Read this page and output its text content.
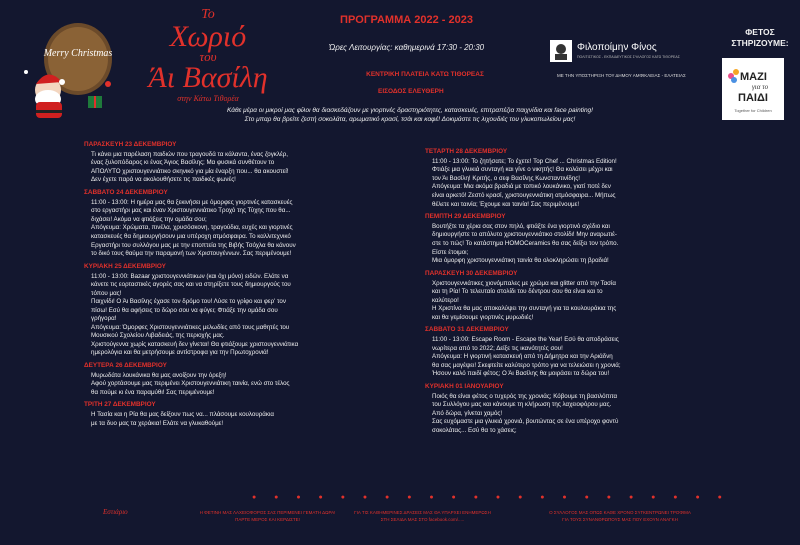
Merry Christmas
Το
Χωριό
του
Άι Βασίλη
στην Κάτω Τιθορέα
ΠΡΟΓΡΑΜΜΑ 2022 - 2023
Ώρες Λειτουργίας: καθημερινά 17:30 - 20:30
ΚΕΝΤΡΙΚΗ ΠΛΑΤΕΙΑ ΚΑΤΩ ΤΙΘΟΡΕΑΣ
ΕΙΣΟΔΟΣ ΕΛΕΥΘΕΡΗ
Φιλοποίμην Φίνος
ΠΟΛΙΤΙΣΤΙΚΟΣ - ΕΚΠΑΙΔΕΥΤΙΚΟΣ ΣΥΛΛΟΓΟΣ ΚΑΤΩ ΤΙΘΟΡΕΑΣ
ΜΕ ΤΗΝ ΥΠΟΣΤΗΡΙΞΗ ΤΟΥ ΔΗΜΟΥ ΑΜΦΙΚΛΕΙΑΣ - ΕΛΑΤΕΙΑΣ
ΦΕΤΟΣ ΣΤΗΡΙΖΟΥΜΕ:
ΜΑΖΙ
για το
ΠΑΙΔΙ
Together for Children
Κάθε μέρα οι μικροί μας φίλοι θα διασκεδάζουν με γιορτινές δραστηριότητες, κατασκευές, επιτραπέζια παιχνίδια και face painting!
Στο μπαρ θα βρείτε ζεστή σοκολάτα, αρωματικό κρασί, τσάι και καφέ! Δοκιμάστε τις λιχουδιές του γλυκοπωλείου μας!
ΠΑΡΑΣΚΕΥΗ 23 ΔΕΚΕΜΒΡΙΟΥ
Τι κάνει μια παρέλαση παιδιών που τραγουδά τα κάλαντα, ένας ζογκλέρ,
ένας ξυλοπόδαρος κι ένας Άγιος Βασίλης; Μα φυσικά συνθέτουν το
ΑΠΟΛΥΤΟ χριστουγεννιάτικο σκηνικό για μία έναρξη που... θα ακουστεί!
Δεν έχετε παρά να ακολουθήσετε τις παιδικές φωνές!
ΣΑΒΒΑΤΟ 24 ΔΕΚΕΜΒΡΙΟΥ
11:00 - 13:00: Η ημέρα μας θα ξεκινήσει με όμορφες γιορτινές κατασκευές
στο εργαστήρι μας και έναν Χριστουγεννιάτικο Τροχό της Τύχης που θα...
διχάσει! Ακόμα να φτιάξεις την ομάδα σου;
Απόγευμα: Χρώματα, πινέλα, χρυσόσκονη, τραγούδια, ευχές και γιορτινές
κατασκευές θα δημιουργήσουν μια υπέροχη ατμόσφαιρα. Το καλλιτεχνικό
Εργαστήρι του συλλόγου μας με την εποπτεία της Βιβής Τσόχλα θα κάνουν
το δικό τους θαύμα την παραμονή των Χριστουγέννων. Σας περιμένουμε!
ΚΥΡΙΑΚΗ 25 ΔΕΚΕΜΒΡΙΟΥ
11:00 - 13:00: Bazaar χριστουγεννιάτικων (και όχι μόνο) ειδών. Ελάτε να
κάνετε τις εορταστικές αγορές σας και να στηρίξετε τους δημιουργούς του
τόπου μας!
Παιχνίδι! Ο Άι Βασίλης έχασε τον δρόμο του! Λύσε το γρίφο και φερ' τον
πίσω! Εσύ θα αφήσεις το δώρο σου να φύγει; Φτιάξε την ομάδα σου
γρήγορα!
Απόγευμα: Όμορφες Χριστουγεννιάτικες μελωδίες από τους μαθητές του
Μουσικού Σχολείου Λιβαδειάς, της περιοχής μας.
Χριστούγεννα χωρίς κατασκευή δεν γίνεται! Θα φτιάξουμε χριστουγεννιάτικα
ημερολόγια και θα μετρήσουμε αντίστροφα για την Πρωτοχρονιά!
ΔΕΥΤΕΡΑ 26 ΔΕΚΕΜΒΡΙΟΥ
Μυρωδάτα λουκάνικα θα μας ανοίξουν την όρεξη!
Αφού χορτάσουμε μας περιμένει Χριστουγεννιάτικη ταινία, ενώ στο τέλος
θα πούμε κι ένα παραμύθι! Σας περιμένουμε!
ΤΡΙΤΗ 27 ΔΕΚΕΜΒΡΙΟΥ
Η Τασία και η Ρία θα μας δείξουν πως να... πλάσουμε κουλουράκια
με τα δυο μας τα χεράκια! Ελάτε να γλυκαθούμε!
ΤΕΤΑΡΤΗ 28 ΔΕΚΕΜΒΡΙΟΥ
11:00 - 13:00: Το ζητήσατε; Το έχετε! Top Chef ... Christmas Edition!
Φτιάξε μια γλυκιά συνταγή και γίνε ο νικητής! Θα κολάσει μέχρι και
τον Άι Βασίλη! Κριτής, ο σεφ Βασίλης Κωνσταντινίδης!
Απόγευμα: Μια ακόμα βραδιά με τοπικό λουκάνικο, γιατί ποτέ δεν
είναι αρκετό! Ζεστό κρασί, χριστουγεννιάτικη ατμόσφαιρα... Μήπως
θέλετε και ταινία; Έχουμε και ταινία! Σας περιμένουμε!
ΠΕΜΠΤΗ 29 ΔΕΚΕΜΒΡΙΟΥ
Βουτήξτε τα χέρια σας στον πηλό, φτιάξτε ένα γιορτινό σχέδιο και
δημιουργήστε το απόλυτο χριστουγεννιάτικο στολίδι! Μην αναρωτιέ-
στε το πώς! Το κατάστημα HOMOCeramics θα σας δείξει τον τρόπο.
Είστε έτοιμοι;
Μια όμορφη χριστουγεννιάτικη ταινία θα ολοκληρώσει τη βραδιά!
ΠΑΡΑΣΚΕΥΗ 30 ΔΕΚΕΜΒΡΙΟΥ
Χριστουγεννιάτικες χιονόμπαλες με χρώμα και glitter από την Τασία
και τη Ρία! Το τελευταίο στολίδι του δέντρου σου θα είναι και το
καλύτερο!
Η Χριστίνα θα μας αποκαλύψει την συνταγή για τα κουλουράκια της
και θα γεμίσουμε γιορτινές μυρωδιές!
ΣΑΒΒΑΤΟ 31 ΔΕΚΕΜΒΡΙΟΥ
11:00 - 13:00: Escape Room - Escape the Year! Εσύ θα αποδράσεις
νωρίτερα από το 2022; Δείξε τις ικανότητές σου!
Απόγευμα: Η γιορτινή κατασκευή από τη Δήμητρα και την Αριάδνη
θα σας μαγέψει! Σκεφτείτε καλύτερο τρόπο για να τελειώσει η χρονιά;
Ήσουν καλό παιδί φέτος; Ο Άι Βασίλης θα μοιράσει τα δώρα του!
ΚΥΡΙΑΚΗ 01 ΙΑΝΟΥΑΡΙΟΥ
Ποιός θα είναι φέτος ο τυχερός της χρονιάς; Κόβουμε τη βασιλόπιτα
του Συλλόγου μας και κάνουμε τη κλήρωση της λαχειοφόρου μας.
Από δώρα, γίνεται χαμός!
Σας ευχόμαστε μια γλυκιά χρονιά, βουτώντας σε ένα υπέροχο φοντύ
σοκολάτας... Εσύ θα το χάσεις;
● ● ● ● ● ● ● ● ● ● ● ● ● ● ● ● ● ● ● ● ● ●
Εστιάριο	Η ΦΕΤΙΝΗ ΜΑΣ ΛΑΧΕΙΟΦΟΡΟΣ ΣΑΣ ΠΕΡΙΜΕΝΕΙ ΓΕΜΑΤΗ ΔΩΡΑ!
ΠΑΡΤΕ ΜΕΡΟΣ ΚΑΙ ΚΕΡΔΙΣΤΕ!
ΓΙΑ ΤΙΣ ΚΑΘΗΜΕΡΙΝΕΣ ΔΡΑΣΕΙΣ ΜΑΣ ΘΑ ΥΠΑΡΧΕΙ ΕΝΗΜΕΡΩΣΗ
ΣΤΗ ΣΕΛΙΔΑ ΜΑΣ ΣΤΟ facebook.com/.....
Ο ΣΥΛΛΟΓΟΣ ΜΑΣ ΟΠΩΣ ΚΑΘΕ ΧΡΟΝΟ ΣΥΓΚΕΝΤΡΩΝΕΙ ΤΡΟΦΙΜΑ
ΓΙΑ ΤΟΥΣ ΣΥΝΑΝΘΡΩΠΟΥΣ ΜΑΣ ΠΟΥ ΕΧΟΥΝ ΑΝΑΓΚΗ
